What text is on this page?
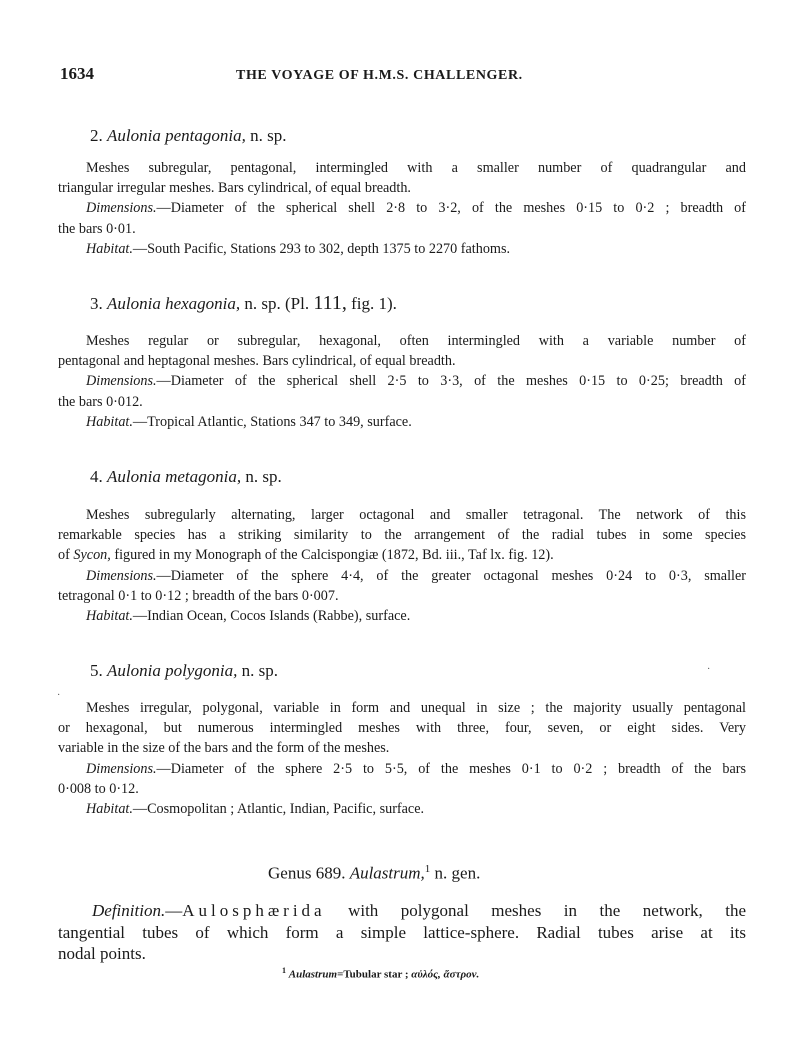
1634	THE VOYAGE OF H.M.S. CHALLENGER.
2. Aulonia pentagonia, n. sp.
Meshes subregular, pentagonal, intermingled with a smaller number of quadrangular and
triangular irregular meshes. Bars cylindrical, of equal breadth.
Dimensions.—Diameter of the spherical shell 2·8 to 3·2, of the meshes 0·15 to 0·2 ; breadth of
the bars 0·01.
Habitat.—South Pacific, Stations 293 to 302, depth 1375 to 2270 fathoms.
3. Aulonia hexagonia, n. sp. (Pl. 111, fig. 1).
Meshes regular or subregular, hexagonal, often intermingled with a variable number of
pentagonal and heptagonal meshes. Bars cylindrical, of equal breadth.
Dimensions.—Diameter of the spherical shell 2·5 to 3·3, of the meshes 0·15 to 0·25; breadth of
the bars 0·012.
Habitat.—Tropical Atlantic, Stations 347 to 349, surface.
4. Aulonia metagonia, n. sp.
Meshes subregularly alternating, larger octagonal and smaller tetragonal. The network of this
remarkable species has a striking similarity to the arrangement of the radial tubes in some species
of Sycon, figured in my Monograph of the Calcispongiæ (1872, Bd. iii., Taf lx. fig. 12).
Dimensions.—Diameter of the sphere 4·4, of the greater octagonal meshes 0·24 to 0·3, smaller
tetragonal 0·1 to 0·12 ; breadth of the bars 0·007.
Habitat.—Indian Ocean, Cocos Islands (Rabbe), surface.
5. Aulonia polygonia, n. sp.
Meshes irregular, polygonal, variable in form and unequal in size ; the majority usually pentagonal
or hexagonal, but numerous intermingled meshes with three, four, seven, or eight sides. Very
variable in the size of the bars and the form of the meshes.
Dimensions.—Diameter of the sphere 2·5 to 5·5, of the meshes 0·1 to 0·2 ; breadth of the bars
0·008 to 0·12.
Habitat.—Cosmopolitan ; Atlantic, Indian, Pacific, surface.
Genus 689. Aulastrum,$^1$ n. gen.
Definition.—Aulosphærida with polygonal meshes in the network, the
tangential tubes of which form a simple lattice-sphere. Radial tubes arise at its
nodal points.
$^1$ Aulastrum=Tubular star ; αὐλός, ἄστρον.
·
·
